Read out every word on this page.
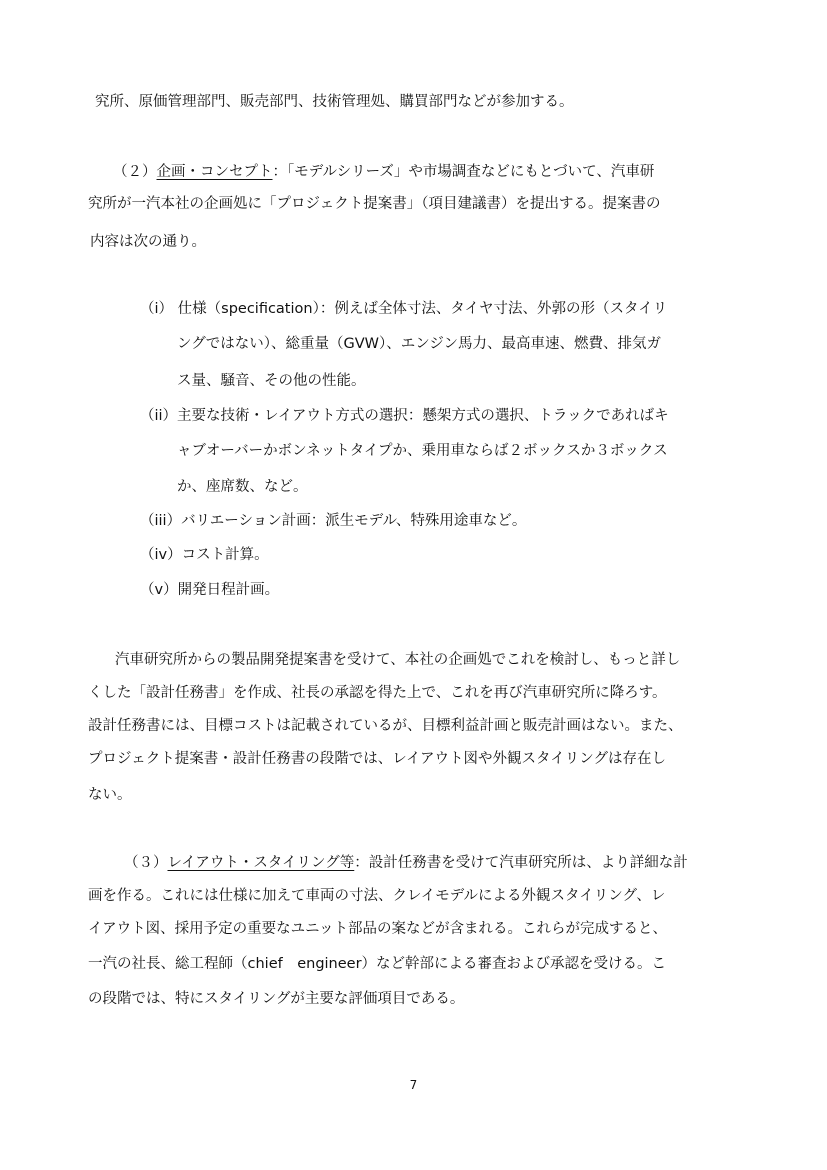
究所、原価管理部門、販売部門、技術管理処、購買部門などが参加する。
（２）企画・コンセプト：「モデルシリーズ」や市場調査などにもとづいて、汽車研
究所が一汽本社の企画処に「プロジェクト提案書」（項目建議書）を提出する。提案書の
内容は次の通り。
（i） 仕様（specification）：例えば全体寸法、タイヤ寸法、外郭の形（スタイリ
ングではない）、総重量（GVW）、エンジン馬力、最高車速、燃費、排気ガ
ス量、騒音、その他の性能。
（ii）主要な技術・レイアウト方式の選択：懸架方式の選択、トラックであればキ
ャブオーバーかボンネットタイプか、乗用車ならば２ボックスか３ボックス
か、座席数、など。
（iii）バリエーション計画：派生モデル、特殊用途車など。
（iv）コスト計算。
（v）開発日程計画。
汽車研究所からの製品開発提案書を受けて、本社の企画処でこれを検討し、もっと詳し
くした「設計任務書」を作成、社長の承認を得た上で、これを再び汽車研究所に降ろす。
設計任務書には、目標コストは記載されているが、目標利益計画と販売計画はない。また、
プロジェクト提案書・設計任務書の段階では、レイアウト図や外観スタイリングは存在し
ない。
（３）レイアウト・スタイリング等：設計任務書を受けて汽車研究所は、より詳細な計
画を作る。これには仕様に加えて車両の寸法、クレイモデルによる外観スタイリング、レ
イアウト図、採用予定の重要なユニット部品の案などが含まれる。これらが完成すると、
一汽の社長、総工程師（chief　engineer）など幹部による審査および承認を受ける。こ
の段階では、特にスタイリングが主要な評価項目である。
7
